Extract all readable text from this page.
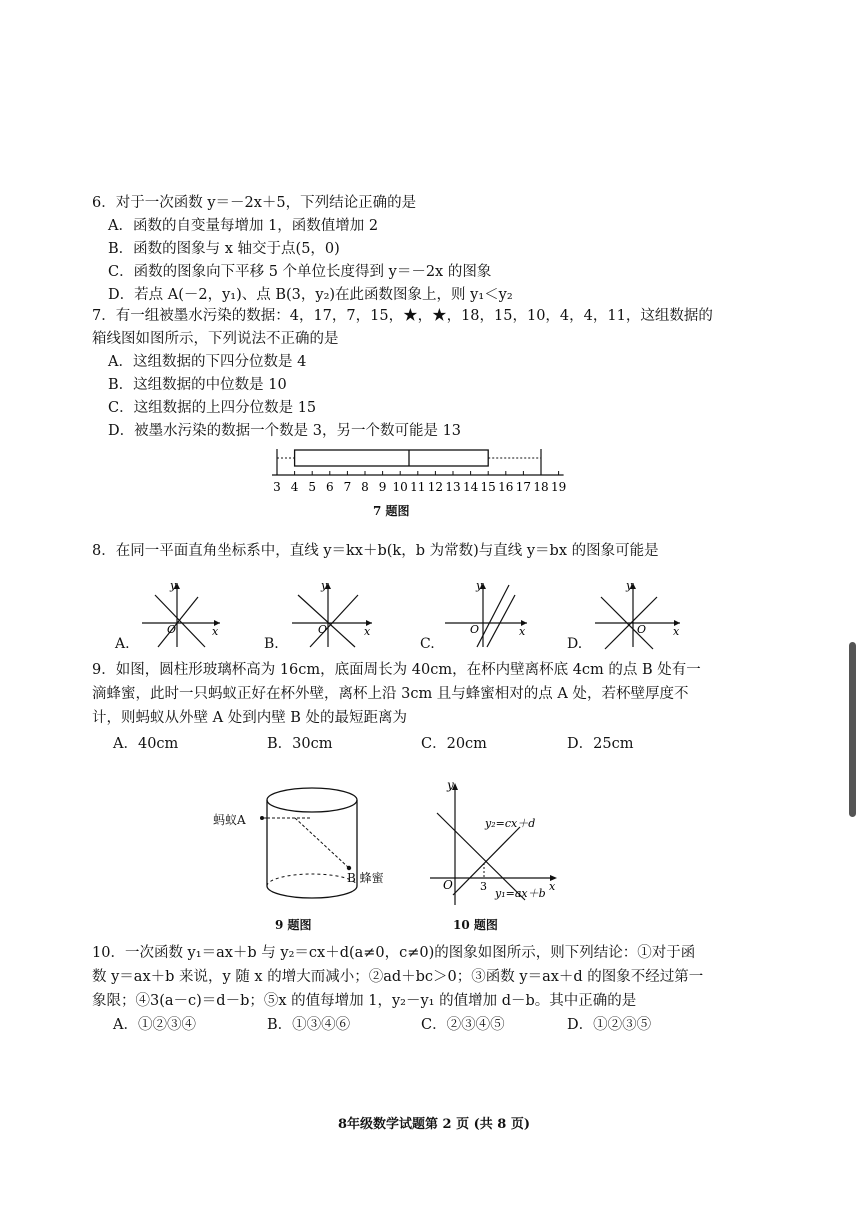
6．对于一次函数 y＝－2x＋5，下列结论正确的是
A．函数的自变量每增加 1，函数值增加 2
B．函数的图象与 x 轴交于点(5，0)
C．函数的图象向下平移 5 个单位长度得到 y＝－2x 的图象
D．若点 A(－2，y₁)、点 B(3，y₂)在此函数图象上，则 y₁＜y₂
7．有一组被墨水污染的数据：4，17，7，15，★，★，18，15，10，4，4，11，这组数据的
箱线图如图所示，下列说法不正确的是
A．这组数据的下四分位数是 4
B．这组数据的中位数是 10
C．这组数据的上四分位数是 15
D．被墨水污染的数据一个数是 3，另一个数可能是 13
3 4 5 6 7 8 9 10 11 12 13 14 15 16 17 18 19
7 题图
8．在同一平面直角坐标系中，直线 y＝kx＋b(k，b 为常数)与直线 y＝bx 的图象可能是
y
x
O
y
x
O
y
x
O
y
x
O
A.	B.	C.	D.
9．如图，圆柱形玻璃杯高为 16cm，底面周长为 40cm，在杯内壁离杯底 4cm 的点 B 处有一
滴蜂蜜，此时一只蚂蚁正好在杯外壁，离杯上沿 3cm 且与蜂蜜相对的点 A 处，若杯壁厚度不
计，则蚂蚁从外壁 A 处到内壁 B 处的最短距离为
A．40cm	B．30cm	C．20cm	D．25cm
蚂蚁A
B 蜂蜜
9 题图
y
x
O 3
y₂=cx＋d
y₁=ax＋b
10 题图
10．一次函数 y₁＝ax＋b 与 y₂＝cx＋d(a≠0，c≠0)的图象如图所示，则下列结论：①对于函
数 y＝ax＋b 来说，y 随 x 的增大而减小；②ad＋bc＞0；③函数 y＝ax＋d 的图象不经过第一
象限；④3(a－c)＝d－b；⑤x 的值每增加 1，y₂－y₁ 的值增加 d－b。其中正确的是
A．①②③④	B．①③④⑥	C．②③④⑤	D．①②③⑤
8年级数学试题第 2 页 (共 8 页)
